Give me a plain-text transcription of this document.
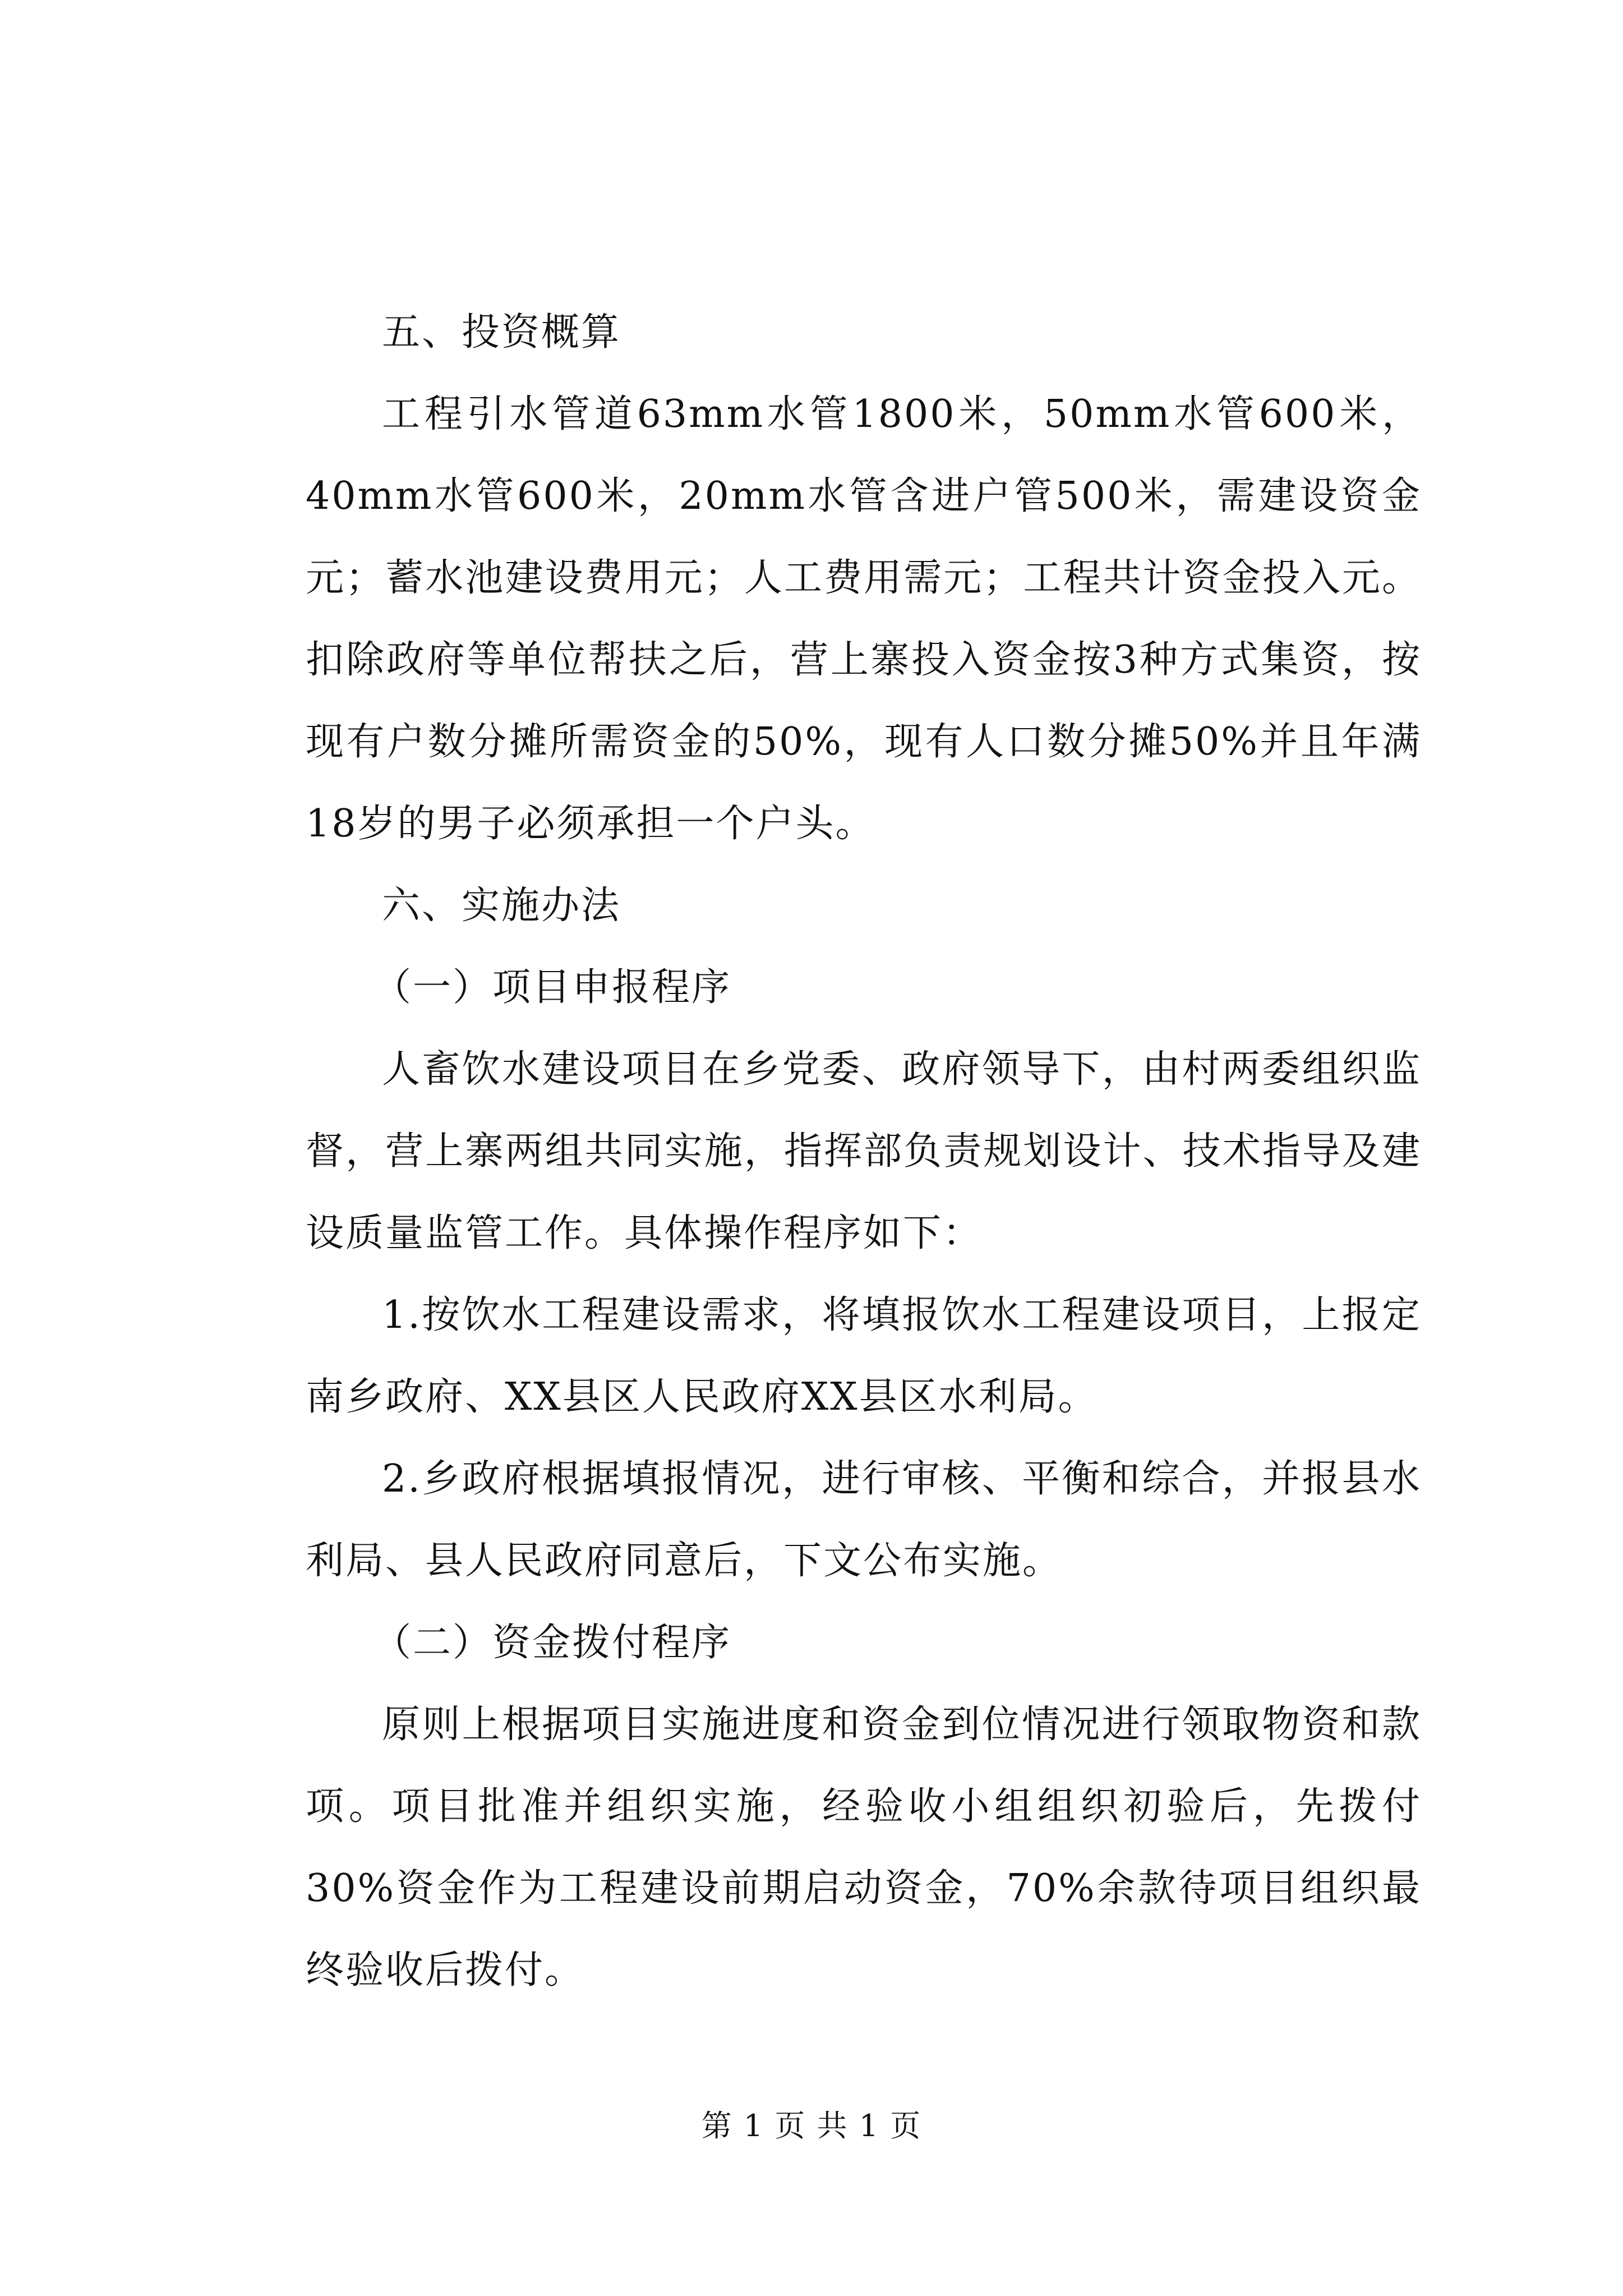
五、投资概算

工程引水管道63mm水管1800米，50mm水管600米，40mm水管600米，20mm水管含进户管500米，需建设资金元；蓄水池建设费用元；人工费用需元；工程共计资金投入元。扣除政府等单位帮扶之后，营上寨投入资金按3种方式集资，按现有户数分摊所需资金的50%，现有人口数分摊50%并且年满18岁的男子必须承担一个户头。

六、实施办法

（一）项目申报程序

人畜饮水建设项目在乡党委、政府领导下，由村两委组织监督，营上寨两组共同实施，指挥部负责规划设计、技术指导及建设质量监管工作。具体操作程序如下：

1.按饮水工程建设需求，将填报饮水工程建设项目，上报定南乡政府、XX县区人民政府XX县区水利局。

2.乡政府根据填报情况，进行审核、平衡和综合，并报县水利局、县人民政府同意后，下文公布实施。

（二）资金拨付程序

原则上根据项目实施进度和资金到位情况进行领取物资和款项。项目批准并组织实施，经验收小组组织初验后，先拨付30%资金作为工程建设前期启动资金，70%余款待项目组织最终验收后拨付。

第 1 页 共 1 页
